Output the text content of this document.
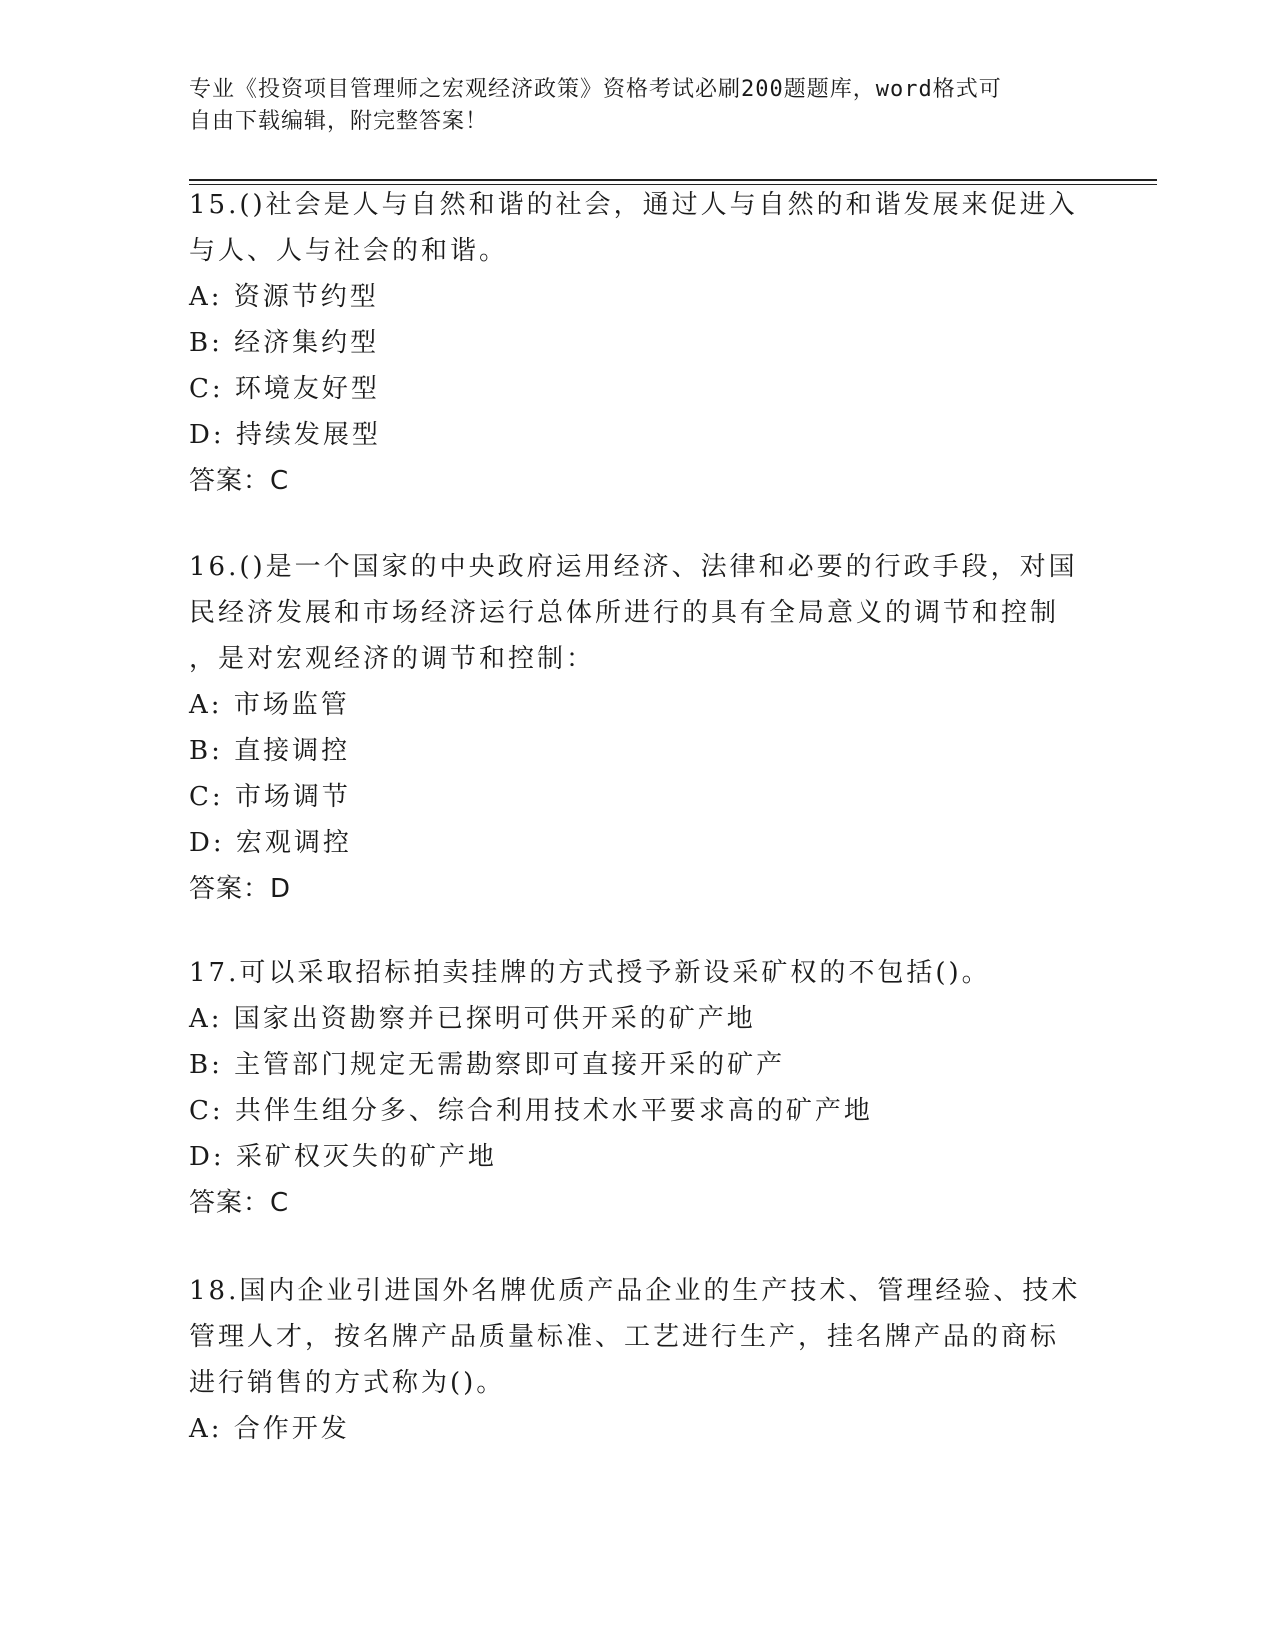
专业《投资项目管理师之宏观经济政策》资格考试必刷200题题库，word格式可
自由下载编辑，附完整答案！

15.()社会是人与自然和谐的社会，通过人与自然的和谐发展来促进入

与人、人与社会的和谐。

A: 资源节约型

B: 经济集约型

C: 环境友好型

D: 持续发展型

答案：C

16.()是一个国家的中央政府运用经济、法律和必要的行政手段，对国

民经济发展和市场经济运行总体所进行的具有全局意义的调节和控制

，是对宏观经济的调节和控制：

A: 市场监管

B: 直接调控

C: 市场调节

D: 宏观调控

答案：D

17.可以采取招标拍卖挂牌的方式授予新设采矿权的不包括()。

A: 国家出资勘察并已探明可供开采的矿产地

B: 主管部门规定无需勘察即可直接开采的矿产

C: 共伴生组分多、综合利用技术水平要求高的矿产地

D: 采矿权灭失的矿产地

答案：C

18.国内企业引进国外名牌优质产品企业的生产技术、管理经验、技术

管理人才，按名牌产品质量标准、工艺进行生产，挂名牌产品的商标

进行销售的方式称为()。

A: 合作开发
